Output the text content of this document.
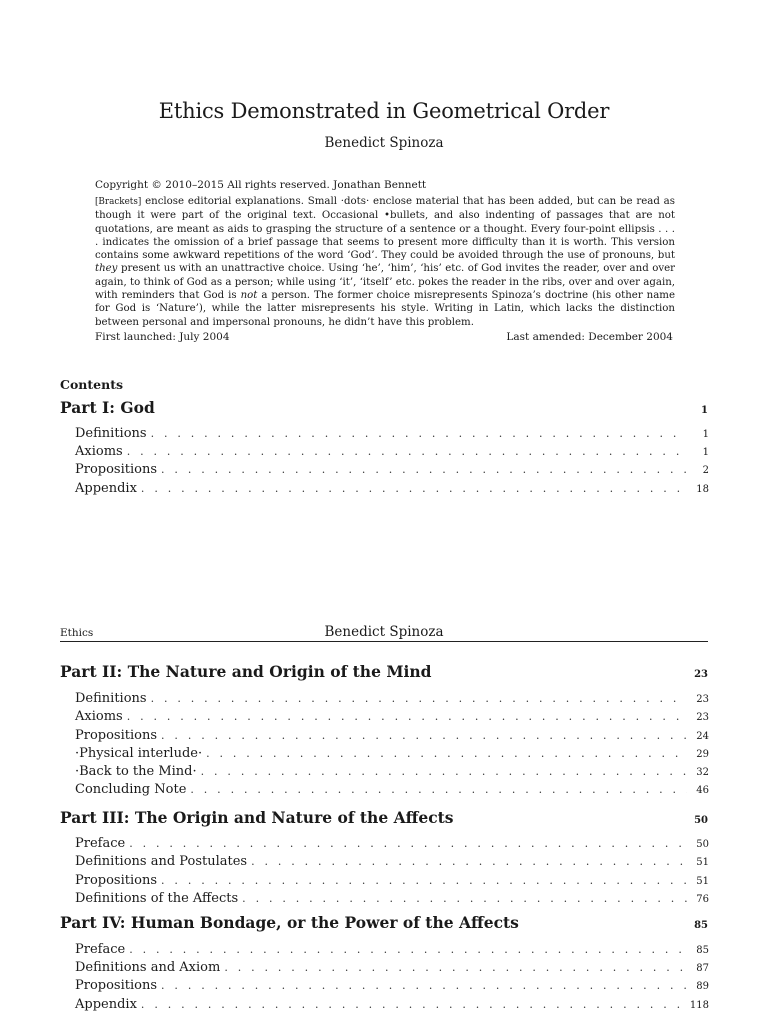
Ethics Demonstrated in Geometrical Order
Benedict Spinoza
Copyright © 2010–2015 All rights reserved. Jonathan Bennett
[Brackets] enclose editorial explanations. Small ·dots· enclose material that has been added, but can be read as though it were part of the original text. Occasional •bullets, and also indenting of passages that are not quotations, are meant as aids to grasping the structure of a sentence or a thought. Every four-point ellipsis . . . . indicates the omission of a brief passage that seems to present more difficulty than it is worth. This version contains some awkward repetitions of the word ‘God’. They could be avoided through the use of pronouns, but they present us with an unattractive choice. Using ‘he’, ‘him’, ‘his’ etc. of God invites the reader, over and over again, to think of God as a person; while using ‘it’, ‘itself’ etc. pokes the reader in the ribs, over and over again, with reminders that God is not a person. The former choice misrepresents Spinoza’s doctrine (his other name for God is ‘Nature’), while the latter misrepresents his style. Writing in Latin, which lacks the distinction between personal and impersonal pronouns, he didn’t have this problem.
First launched: July 2004	Last amended: December 2004
Contents
Part I: God	1
Definitions . . .	1
Axioms . . .	1
Propositions . . .	2
Appendix . . .	18
Ethics	Benedict Spinoza
Part II: The Nature and Origin of the Mind	23
Definitions . . .	23
Axioms . . .	23
Propositions . . .	24
·Physical interlude· . . .	29
·Back to the Mind· . . .	32
Concluding Note . . .	46
Part III: The Origin and Nature of the Affects	50
Preface . . .	50
Definitions and Postulates . . .	51
Propositions . . .	51
Definitions of the Affects . . .	76
Part IV: Human Bondage, or the Power of the Affects	85
Preface . . .	85
Definitions and Axiom . . .	87
Propositions . . .	89
Appendix . . .	118
